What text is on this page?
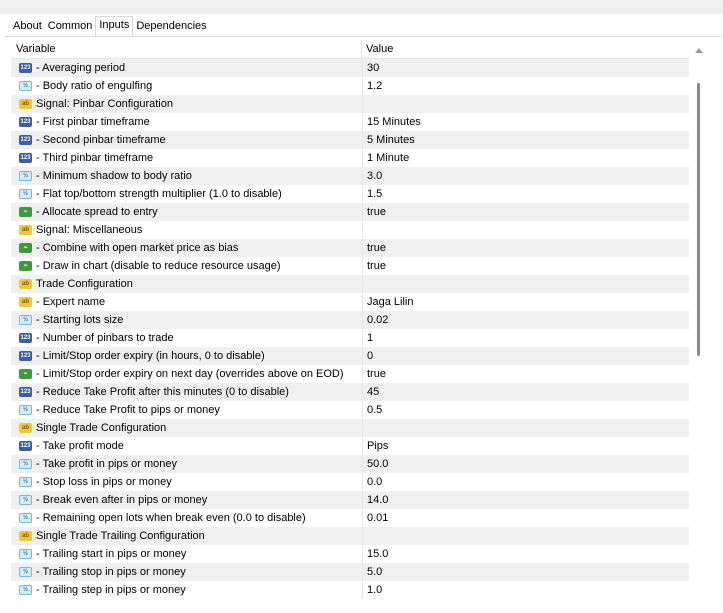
About Common Inputs Dependencies
Variable	Value
123 - Averaging period	30
½ - Body ratio of engulfing	1.2
ab Signal: Pinbar Configuration
123 - First pinbar timeframe	15 Minutes
123 - Second pinbar timeframe	5 Minutes
123 - Third pinbar timeframe	1 Minute
½ - Minimum shadow to body ratio	3.0
½ - Flat top/bottom strength multiplier (1.0 to disable)	1.5
⌁ - Allocate spread to entry	true
ab Signal: Miscellaneous
⌁ - Combine with open market price as bias	true
⌁ - Draw in chart (disable to reduce resource usage)	true
ab Trade Configuration
ab - Expert name	Jaga Lilin
½ - Starting lots size	0.02
123 - Number of pinbars to trade	1
123 - Limit/Stop order expiry (in hours, 0 to disable)	0
⌁ - Limit/Stop order expiry on next day (overrides above on EOD)	true
123 - Reduce Take Profit after this minutes (0 to disable)	45
½ - Reduce Take Profit to pips or money	0.5
ab Single Trade Configuration
123 - Take profit mode	Pips
½ - Take profit in pips or money	50.0
½ - Stop loss in pips or money	0.0
½ - Break even after in pips or money	14.0
½ - Remaining open lots when break even (0.0 to disable)	0.01
ab Single Trade Trailing Configuration
½ - Trailing start in pips or money	15.0
½ - Trailing stop in pips or money	5.0
½ - Trailing step in pips or money	1.0
